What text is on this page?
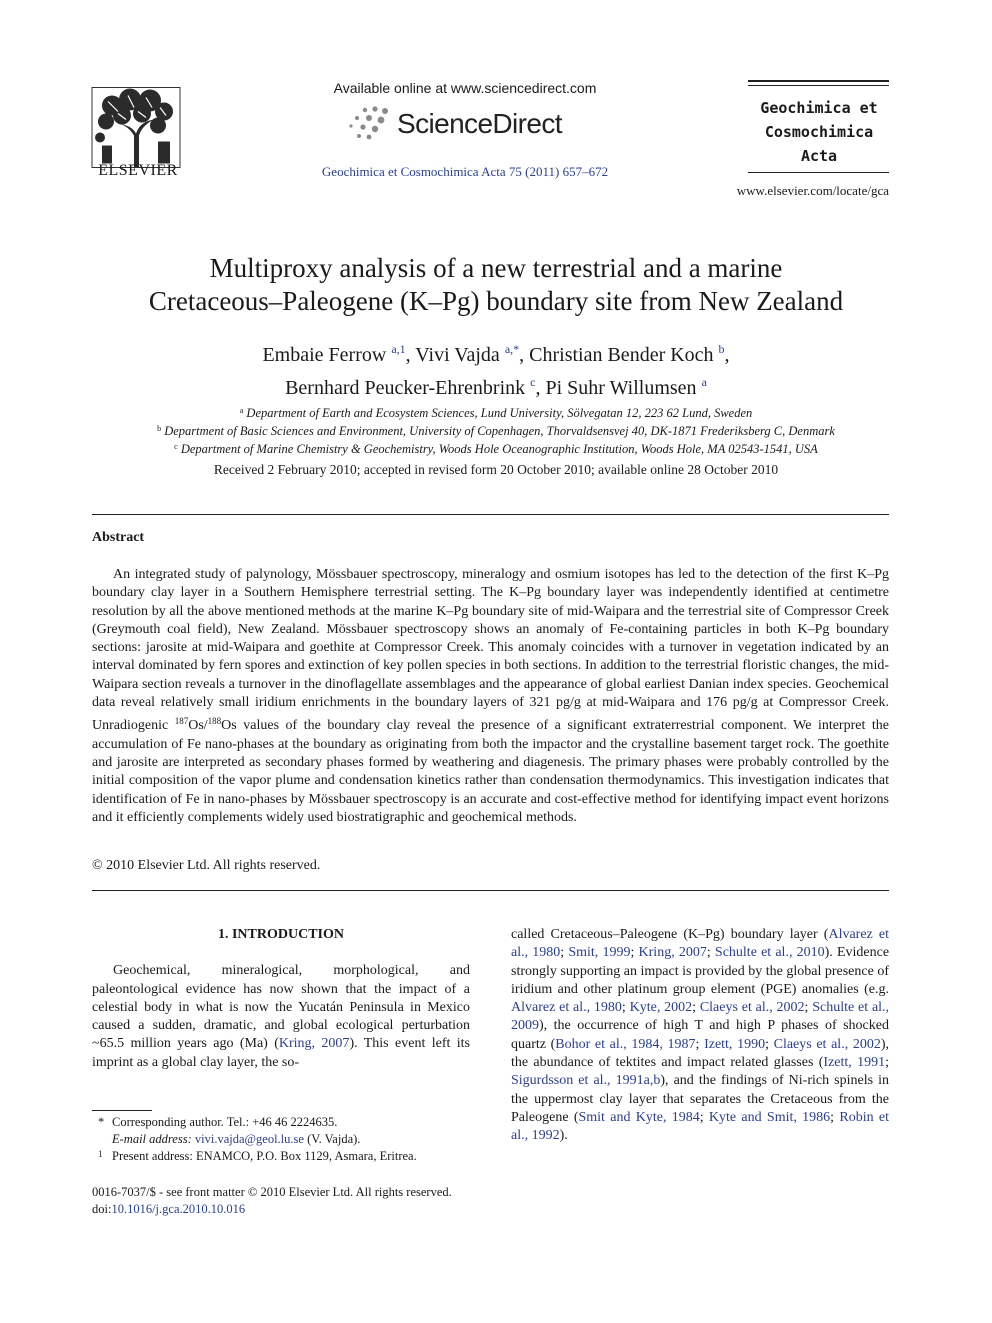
ELSEVIER
Available online at www.sciencedirect.com
ScienceDirect
Geochimica et Cosmochimica Acta 75 (2011) 657–672
Geochimica et
Cosmochimica
Acta
www.elsevier.com/locate/gca
Multiproxy analysis of a new terrestrial and a marine
Cretaceous–Paleogene (K–Pg) boundary site from New Zealand
Embaie Ferrow $^{a,1}$, Vivi Vajda $^{a,*}$, Christian Bender Koch $^b$,
Bernhard Peucker-Ehrenbrink $^c$, Pi Suhr Willumsen $^a$
$^a$ Department of Earth and Ecosystem Sciences, Lund University, Sölvegatan 12, 223 62 Lund, Sweden
$^b$ Department of Basic Sciences and Environment, University of Copenhagen, Thorvaldsensvej 40, DK-1871 Frederiksberg C, Denmark
$^c$ Department of Marine Chemistry & Geochemistry, Woods Hole Oceanographic Institution, Woods Hole, MA 02543-1541, USA
Received 2 February 2010; accepted in revised form 20 October 2010; available online 28 October 2010
Abstract
An integrated study of palynology, Mössbauer spectroscopy, mineralogy and osmium isotopes has led to the detection of the first K–Pg boundary clay layer in a Southern Hemisphere terrestrial setting. The K–Pg boundary layer was independently identified at centimetre resolution by all the above mentioned methods at the marine K–Pg boundary site of mid-Waipara and the terrestrial site of Compressor Creek (Greymouth coal field), New Zealand. Mössbauer spectroscopy shows an anomaly of Fe-containing particles in both K–Pg boundary sections: jarosite at mid-Waipara and goethite at Compressor Creek. This anomaly coincides with a turnover in vegetation indicated by an interval dominated by fern spores and extinction of key pollen species in both sections. In addition to the terrestrial floristic changes, the mid-Waipara section reveals a turnover in the dinoflagellate assemblages and the appearance of global earliest Danian index species. Geochemical data reveal relatively small iridium enrichments in the boundary layers of 321 pg/g at mid-Waipara and 176 pg/g at Compressor Creek. Unradiogenic $^{187}$Os/$^{188}$Os values of the boundary clay reveal the presence of a significant extraterrestrial component. We interpret the accumulation of Fe nano-phases at the boundary as originating from both the impactor and the crystalline basement target rock. The goethite and jarosite are interpreted as secondary phases formed by weathering and diagenesis. The primary phases were probably controlled by the initial composition of the vapor plume and condensation kinetics rather than condensation thermodynamics. This investigation indicates that identification of Fe in nano-phases by Mössbauer spectroscopy is an accurate and cost-effective method for identifying impact event horizons and it efficiently complements widely used biostratigraphic and geochemical methods.
© 2010 Elsevier Ltd. All rights reserved.
1. INTRODUCTION

Geochemical, mineralogical, morphological, and paleontological evidence has now shown that the impact of a celestial body in what is now the Yucatán Peninsula in Mexico caused a sudden, dramatic, and global ecological perturbation ~65.5 million years ago (Ma) (Kring, 2007). This event left its imprint as a global clay layer, the so-

called Cretaceous–Paleogene (K–Pg) boundary layer (Alvarez et al., 1980; Smit, 1999; Kring, 2007; Schulte et al., 2010). Evidence strongly supporting an impact is provided by the global presence of iridium and other platinum group element (PGE) anomalies (e.g. Alvarez et al., 1980; Kyte, 2002; Claeys et al., 2002; Schulte et al., 2009), the occurrence of high T and high P phases of shocked quartz (Bohor et al., 1984, 1987; Izett, 1990; Claeys et al., 2002), the abundance of tektites and impact related glasses (Izett, 1991; Sigurdsson et al., 1991a,b), and the findings of Ni-rich spinels in the uppermost clay layer that separates the Cretaceous from the Paleogene (Smit and Kyte, 1984; Kyte and Smit, 1986; Robin et al., 1992).
* Corresponding author. Tel.: +46 46 2224635.
E-mail address: vivi.vajda@geol.lu.se (V. Vajda).
1 Present address: ENAMCO, P.O. Box 1129, Asmara, Eritrea.
0016-7037/$ - see front matter © 2010 Elsevier Ltd. All rights reserved.
doi:10.1016/j.gca.2010.10.016
